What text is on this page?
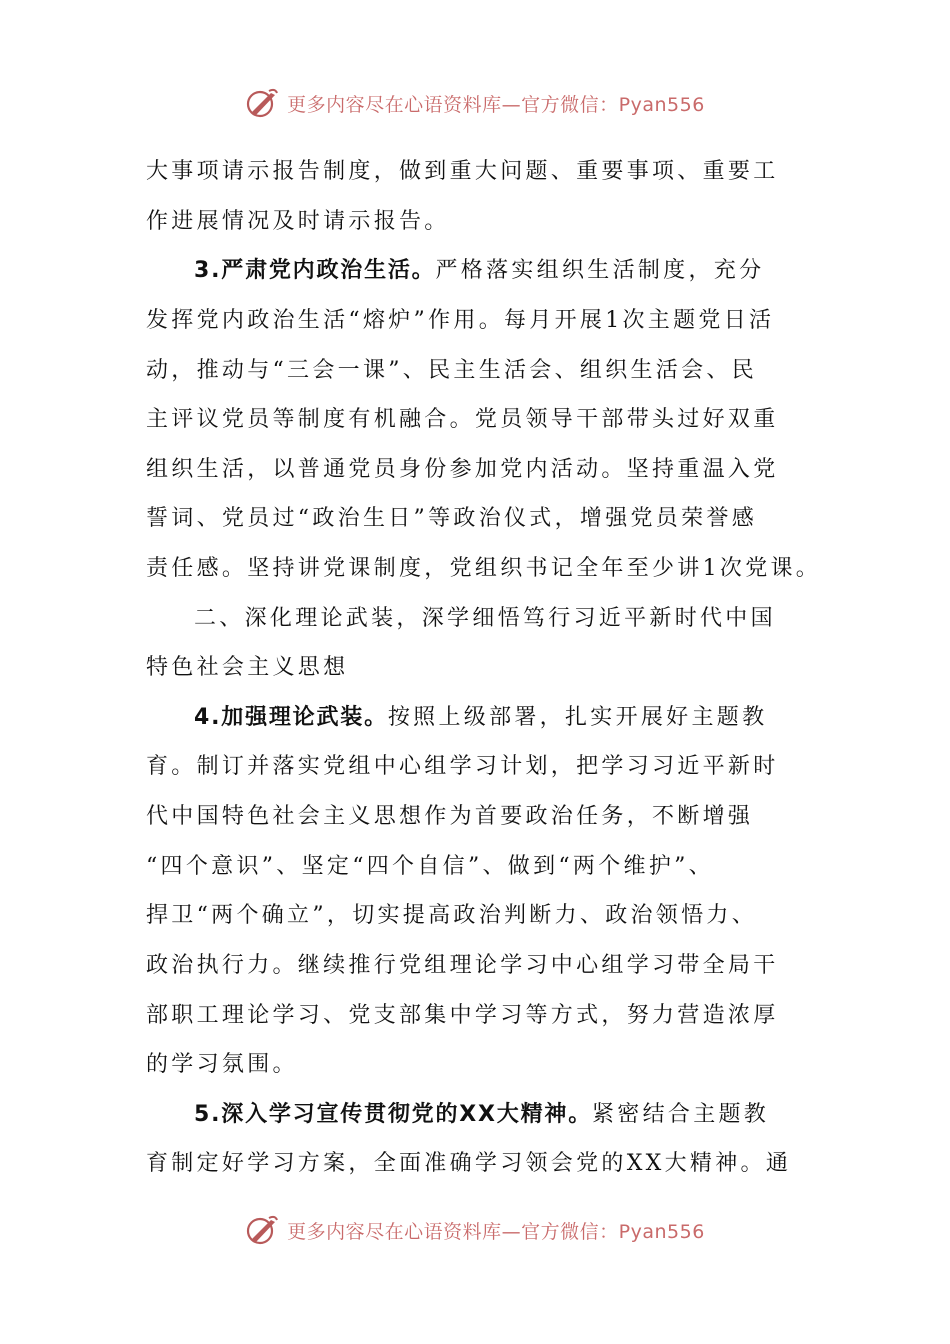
更多内容尽在心语资料库—官方微信：Pyan556
大事项请示报告制度，做到重大问题、重要事项、重要工
作进展情况及时请示报告。
3.严肃党内政治生活。严格落实组织生活制度，充分
发挥党内政治生活“熔炉”作用。每月开展1次主题党日活
动，推动与“三会一课”、民主生活会、组织生活会、民
主评议党员等制度有机融合。党员领导干部带头过好双重
组织生活，以普通党员身份参加党内活动。坚持重温入党
誓词、党员过“政治生日”等政治仪式，增强党员荣誉感
责任感。坚持讲党课制度，党组织书记全年至少讲1次党课。
二、深化理论武装，深学细悟笃行习近平新时代中国
特色社会主义思想
4.加强理论武装。按照上级部署，扎实开展好主题教
育。制订并落实党组中心组学习计划，把学习习近平新时
代中国特色社会主义思想作为首要政治任务，不断增强
“四个意识”、坚定“四个自信”、做到“两个维护”、
捍卫“两个确立”，切实提高政治判断力、政治领悟力、
政治执行力。继续推行党组理论学习中心组学习带全局干
部职工理论学习、党支部集中学习等方式，努力营造浓厚
的学习氛围。
5.深入学习宣传贯彻党的XX大精神。紧密结合主题教
育制定好学习方案，全面准确学习领会党的XX大精神。通
更多内容尽在心语资料库—官方微信：Pyan556
